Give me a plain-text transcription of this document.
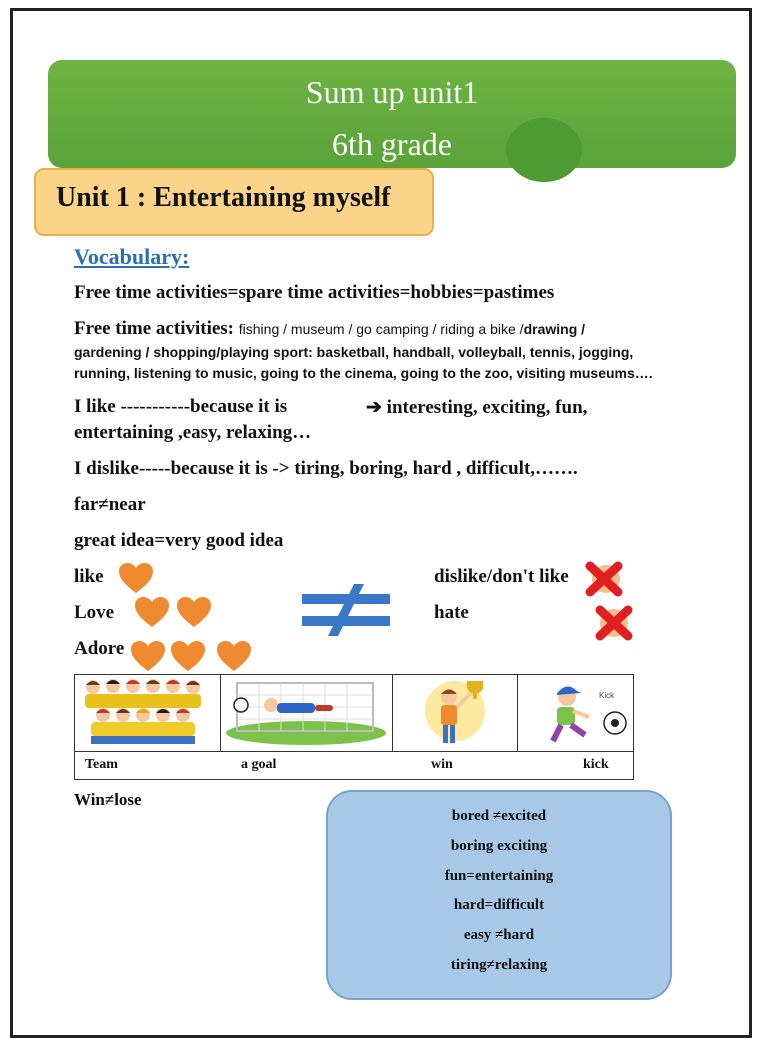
Sum up unit1
6th grade
Unit 1 : Entertaining myself
Vocabulary:
Free time activities=spare time activities=hobbies=pastimes
Free time activities: fishing / museum / go camping / riding a bike /drawing /
gardening / shopping/playing sport: basketball, handball, volleyball, tennis, jogging,
running, listening to music, going to the cinema, going to the zoo, visiting museums….
I like -----------because it is	➔ interesting, exciting, fun,
entertaining ,easy, relaxing…
I dislike-----because it is -> tiring, boring, hard , difficult,…….
far≠near
great idea=very good idea
like
Love
Adore
dislike/don't like
hate
Kick
Team	a goal	win	kick
Win≠lose
bored ≠excited
boring exciting
fun=entertaining
hard=difficult
easy ≠hard
tiring≠relaxing
